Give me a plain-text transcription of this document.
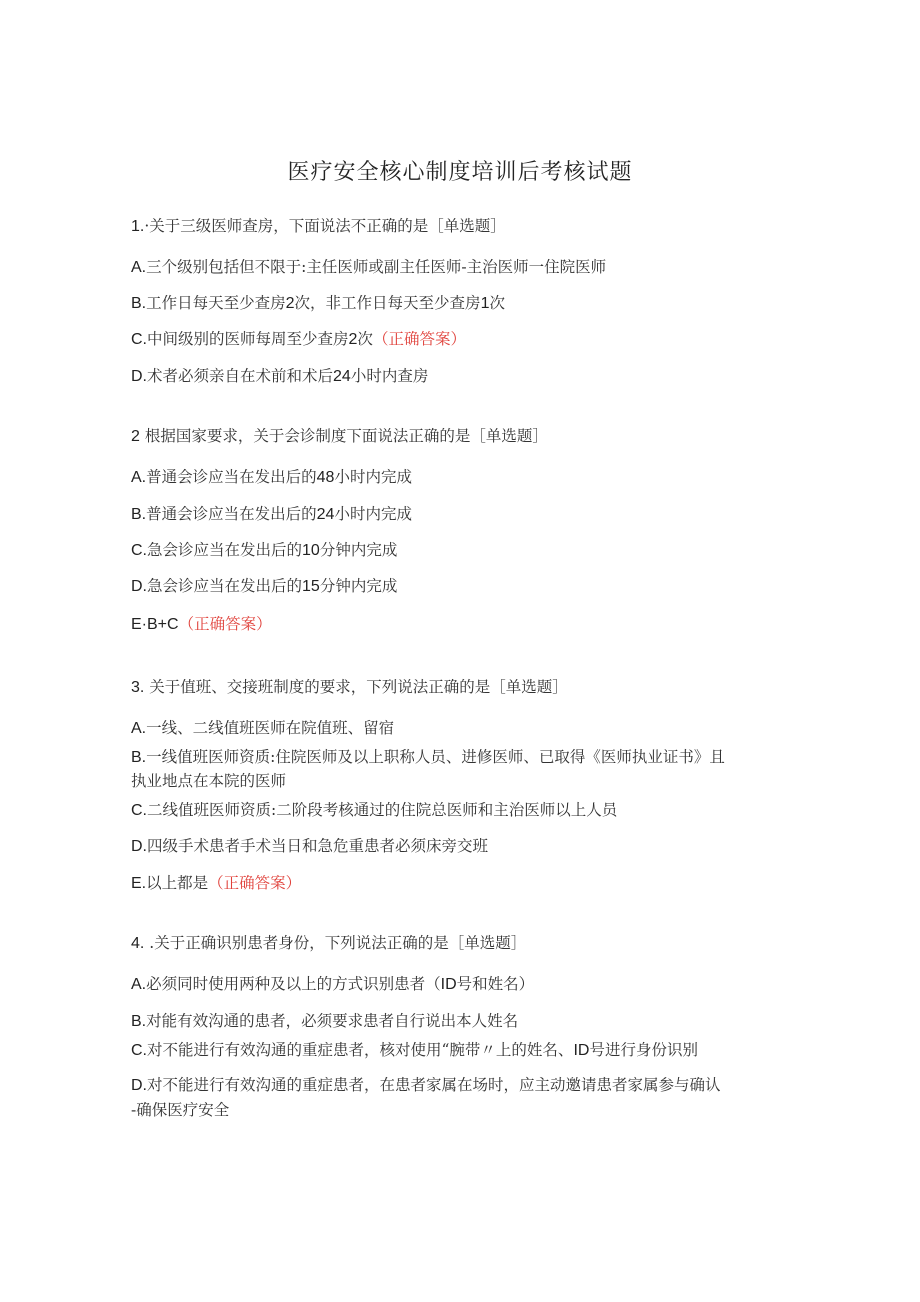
医疗安全核心制度培训后考核试题
1.·关于三级医师查房，下面说法不正确的是［单选题］
A.三个级别包括但不限于:主任医师或副主任医师-主治医师一住院医师
B.工作日每天至少查房2次，非工作日每天至少查房1次
C.中间级别的医师每周至少查房2次（正确答案）
D.术者必须亲自在术前和术后24小时内查房
2 根据国家要求，关于会诊制度下面说法正确的是［单选题］
A.普通会诊应当在发出后的48小时内完成
B.普通会诊应当在发出后的24小时内完成
C.急会诊应当在发出后的10分钟内完成
D.急会诊应当在发出后的15分钟内完成
E·B+C（正确答案）
3. 关于值班、交接班制度的要求，下列说法正确的是［单选题］
A.一线、二线值班医师在院值班、留宿
B.一线值班医师资质:住院医师及以上职称人员、进修医师、已取得《医师执业证书》且
执业地点在本院的医师
C.二线值班医师资质:二阶段考核通过的住院总医师和主治医师以上人员
D.四级手术患者手术当日和急危重患者必须床旁交班
E.以上都是（正确答案）
4. .关于正确识别患者身份，下列说法正确的是［单选题］
A.必须同时使用两种及以上的方式识别患者（ID号和姓名）
B.对能有效沟通的患者，必须要求患者自行说出本人姓名
C.对不能进行有效沟通的重症患者，核对使用“腕带〃上的姓名、ID号进行身份识别
D.对不能进行有效沟通的重症患者，在患者家属在场时，应主动邀请患者家属参与确认
-确保医疗安全
